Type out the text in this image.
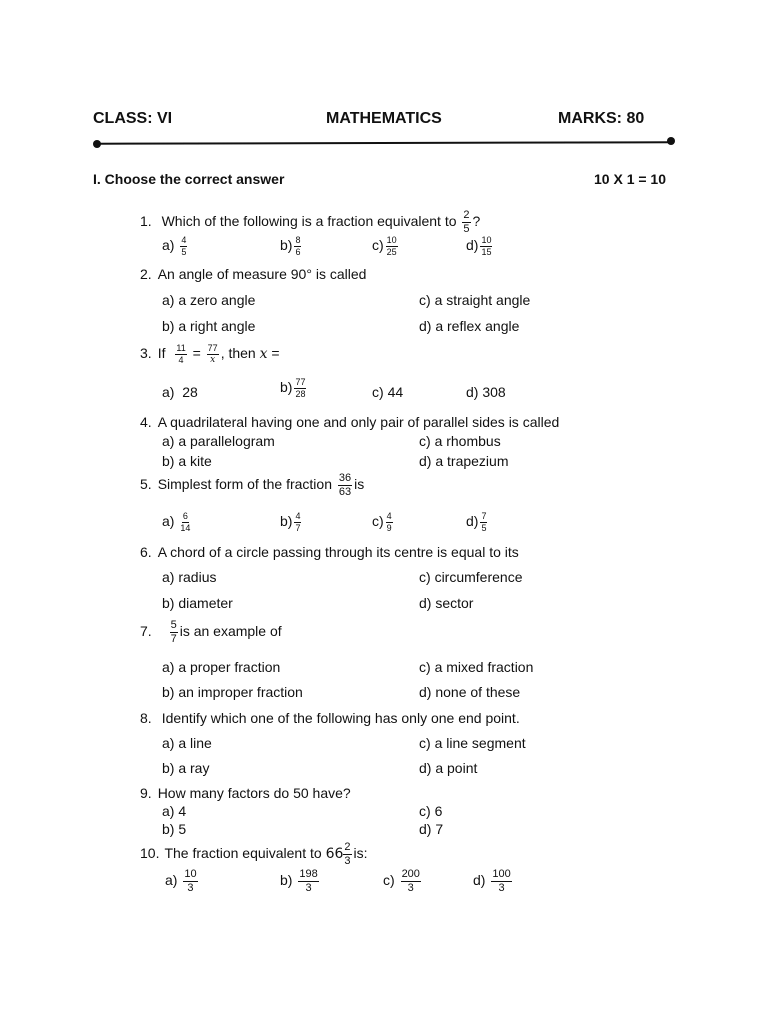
CLASS: VI	MATHEMATICS	MARKS: 80
I. Choose the correct answer	10 X 1 = 10
1. Which of the following is a fraction equivalent to $\frac{2}{5}$ ?
$a) \frac{4}{5}$	$b) \frac{8}{6}$	$c) \frac{10}{25}$	$d) \frac{10}{15}$
2. An angle of measure 90° is called
a) a zero angle
b) a right angle
c) a straight angle
d) a reflex angle
3. If $\frac{11}{4} = \frac{77}{x}$ , then x =
a) 28	$b) \frac{77}{28}$	c) 44	d) 308
4. A quadrilateral having one and only pair of parallel sides is called
a) a parallelogram
b) a kite
c) a rhombus
d) a trapezium
5. Simplest form of the fraction $\frac{36}{63}$ is
$a) \frac{6}{14}$	$b) \frac{4}{7}$	$c) \frac{4}{9}$	$d) \frac{7}{5}$
6. A chord of a circle passing through its centre is equal to its
a) radius
b) diameter
c) circumference
d) sector
7. $\frac{5}{7}$ is an example of
a) a proper fraction
b) an improper fraction
c) a mixed fraction
d) none of these
8. Identify which one of the following has only one end point.
a) a line
b) a ray
c) a line segment
d) a point
9. How many factors do 50 have?
a) 4
b) 5
c) 6
d) 7
10. The fraction equivalent to $66 \frac{2}{3}$ is:
$a) \frac{10}{3}$	$b) \frac{198}{3}$	$c) \frac{200}{3}$	$d) \frac{100}{3}$
